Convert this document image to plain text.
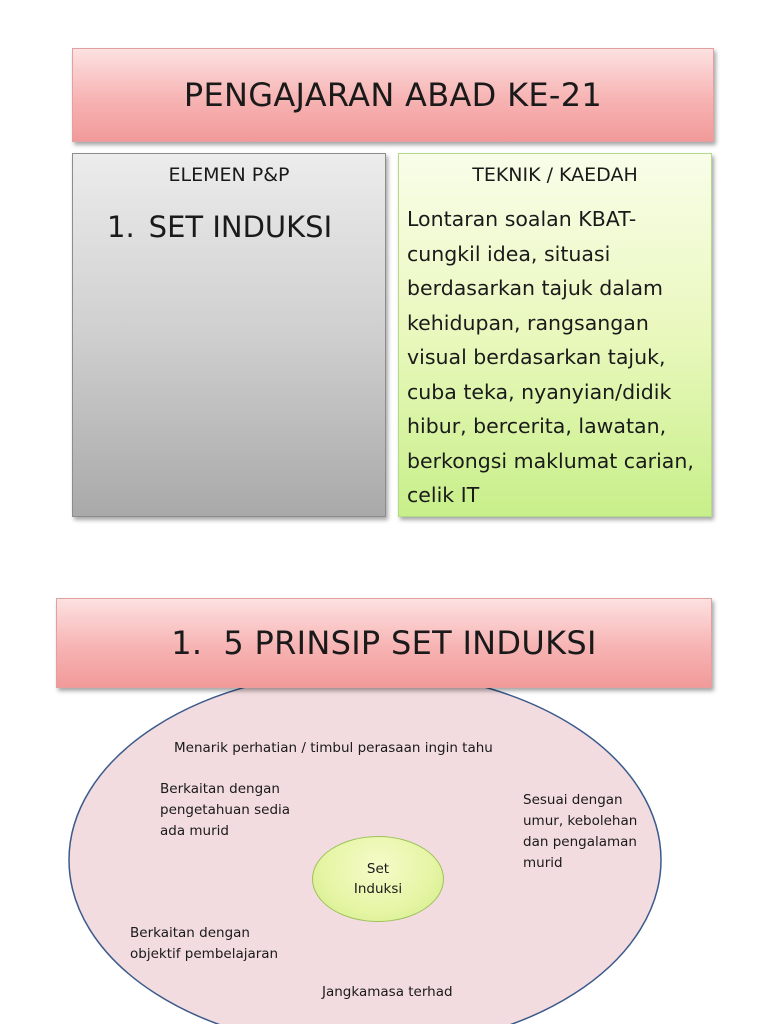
PENGAJARAN ABAD KE-21
ELEMEN P&P
1. SET INDUKSI
TEKNIK / KAEDAH
Lontaran soalan KBAT-cungkil idea, situasi berdasarkan tajuk dalam kehidupan, rangsangan visual berdasarkan tajuk, cuba teka, nyanyian/didik hibur, bercerita, lawatan, berkongsi maklumat carian, celik IT
1.  5 PRINSIP SET INDUKSI
Menarik perhatian / timbul perasaan ingin tahu
Berkaitan dengan pengetahuan sedia ada murid
Sesuai dengan umur, kebolehan dan pengalaman murid
Berkaitan dengan objektif pembelajaran
Jangkamasa terhad
Set
Induksi
